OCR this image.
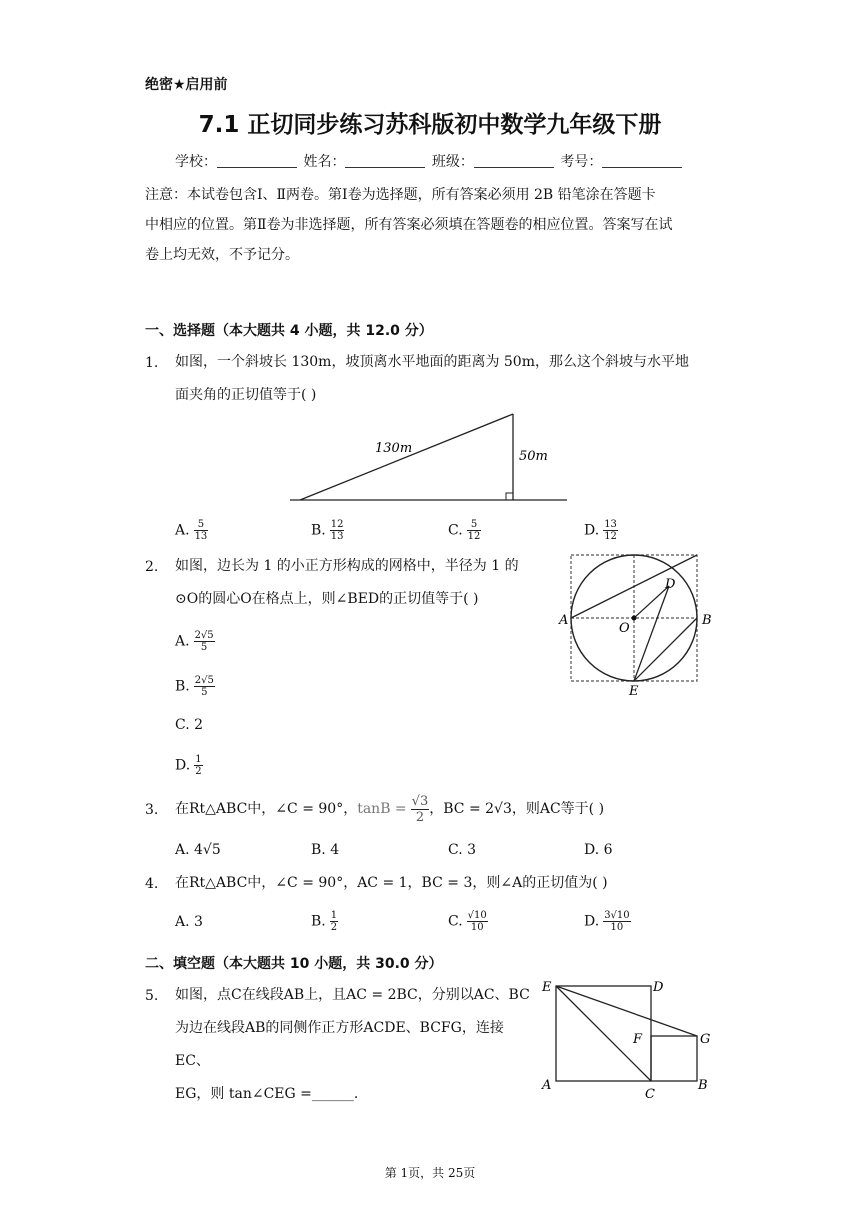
绝密★启用前
7.1 正切同步练习苏科版初中数学九年级下册
学校：	姓名：	班级：	考号：
注意：本试卷包含Ⅰ、Ⅱ两卷。第Ⅰ卷为选择题，所有答案必须用 2B 铅笔涂在答题卡
中相应的位置。第Ⅱ卷为非选择题，所有答案必须填在答题卷的相应位置。答案写在试
卷上均无效，不予记分。
一、选择题（本大题共 4 小题，共 12.0 分）
1. 如图，一个斜坡长 130m，坡顶离水平地面的距离为 50m，那么这个斜坡与水平地
面夹角的正切值等于( )
130m
50m
A. $\frac{5}{13}$	B. $\frac{12}{13}$	C. $\frac{5}{12}$	D. $\frac{13}{12}$
2. 如图，边长为 1 的小正方形构成的网格中，半径为 1 的
⊙O的圆心O在格点上，则∠BED的正切值等于( )
A	B
D
E
O
A. $\frac{2√5}{5}$
B. $\frac{2√5}{5}$
C. 2
D. $\frac{1}{2}$
3. 在Rt△ABC中，∠C = 90°，$\tan B = \frac{√3}{2}$ ，BC = 2√3，则AC等于( )
A. 4√5	B. 4	C. 3	D. 6
4. 在Rt△ABC中，∠C = 90°，AC = 1，BC = 3，则∠A的正切值为( )
A. 3	B. $\frac{1}{2}$	C. $\frac{√10}{10}$	D. $\frac{3√10}{10}$
二、填空题（本大题共 10 小题，共 30.0 分）
5. 如图，点C在线段AB上，且AC = 2BC，分别以AC、BC
为边在线段AB的同侧作正方形ACDE、BCFG，连接EC、
EG，则 tan∠CEG =______.
E	D
F	G
A
C
B
第 1页，共 25页
